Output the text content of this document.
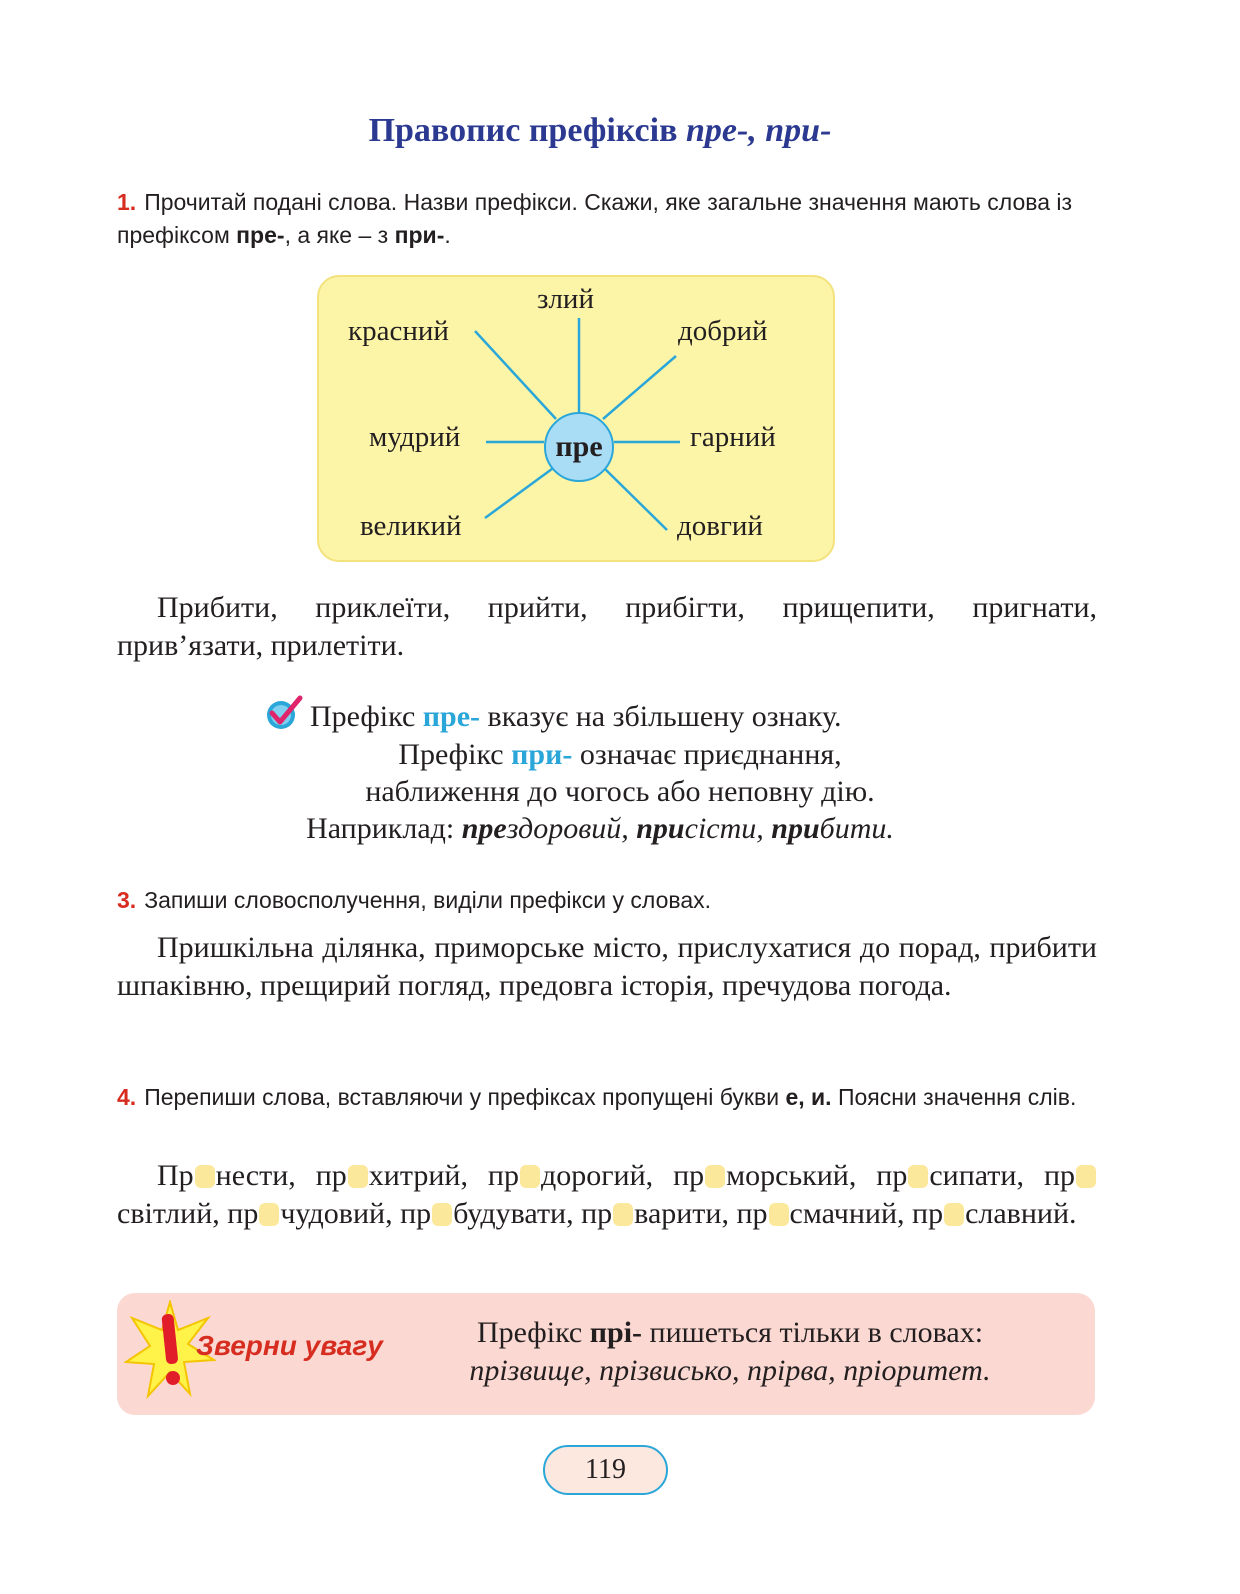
Правопис префіксів пре-, при-
1. Прочитай подані слова. Назви префікси. Скажи, яке загальне значення мають слова із префіксом пре-, а яке – з при-.
злий
красний	добрий
мудрий	гарний
великий	довгий
пре
Прибити, приклеїти, прийти, прибігти, прищепити, пригнати, прив’язати, прилетіти.
Префікс пре- вказує на збільшену ознаку.
Префікс при- означає приєднання,
наближення до чогось або неповну дію.
Наприклад: прездоровий, присісти, прибити.
3. Запиши словосполучення, виділи префікси у словах.
Пришкільна ділянка, приморське місто, прислухатися до порад, прибити шпаківню, прещирий погляд, предовга історія, пречудова погода.
4. Перепиши слова, вставляючи у префіксах пропущені букви е, и. Поясни значення слів.
Пр нести, пр хитрий, пр дорогий, пр морський, пр сипати, прсвітлий, пр чудовий, пр будувати, пр варити, пр смачний, пр славний.
Зверни увагу	Префікс прі- пишеться тільки в словах:
прізвище, прізвисько, прірва, пріоритет.
119
